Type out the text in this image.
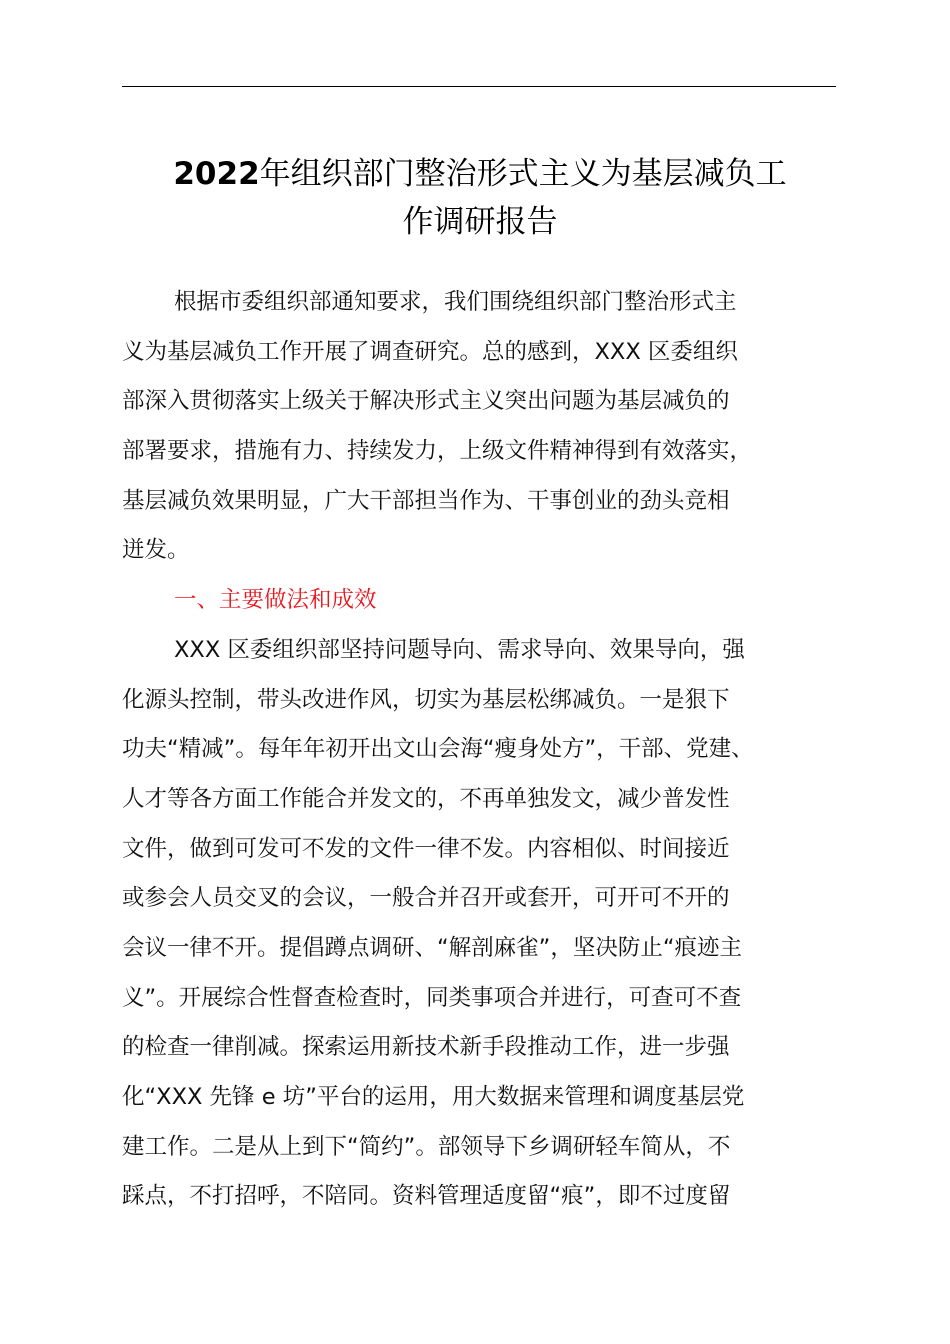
2022年组织部门整治形式主义为基层减负工
作调研报告
根据市委组织部通知要求，我们围绕组织部门整治形式主
义为基层减负工作开展了调查研究。总的感到，XXX 区委组织
部深入贯彻落实上级关于解决形式主义突出问题为基层减负的
部署要求，措施有力、持续发力，上级文件精神得到有效落实，
基层减负效果明显，广大干部担当作为、干事创业的劲头竞相
迸发。
一、主要做法和成效
XXX 区委组织部坚持问题导向、需求导向、效果导向，强
化源头控制，带头改进作风，切实为基层松绑减负。一是狠下
功夫“精减”。每年年初开出文山会海“瘦身处方”，干部、党建、
人才等各方面工作能合并发文的，不再单独发文，减少普发性
文件，做到可发可不发的文件一律不发。内容相似、时间接近
或参会人员交叉的会议，一般合并召开或套开，可开可不开的
会议一律不开。提倡蹲点调研、“解剖麻雀”，坚决防止“痕迹主
义”。开展综合性督查检查时，同类事项合并进行，可查可不查
的检查一律削减。探索运用新技术新手段推动工作，进一步强
化“XXX 先锋 e 坊”平台的运用，用大数据来管理和调度基层党
建工作。二是从上到下“简约”。部领导下乡调研轻车简从，不
踩点，不打招呼，不陪同。资料管理适度留“痕”，即不过度留
